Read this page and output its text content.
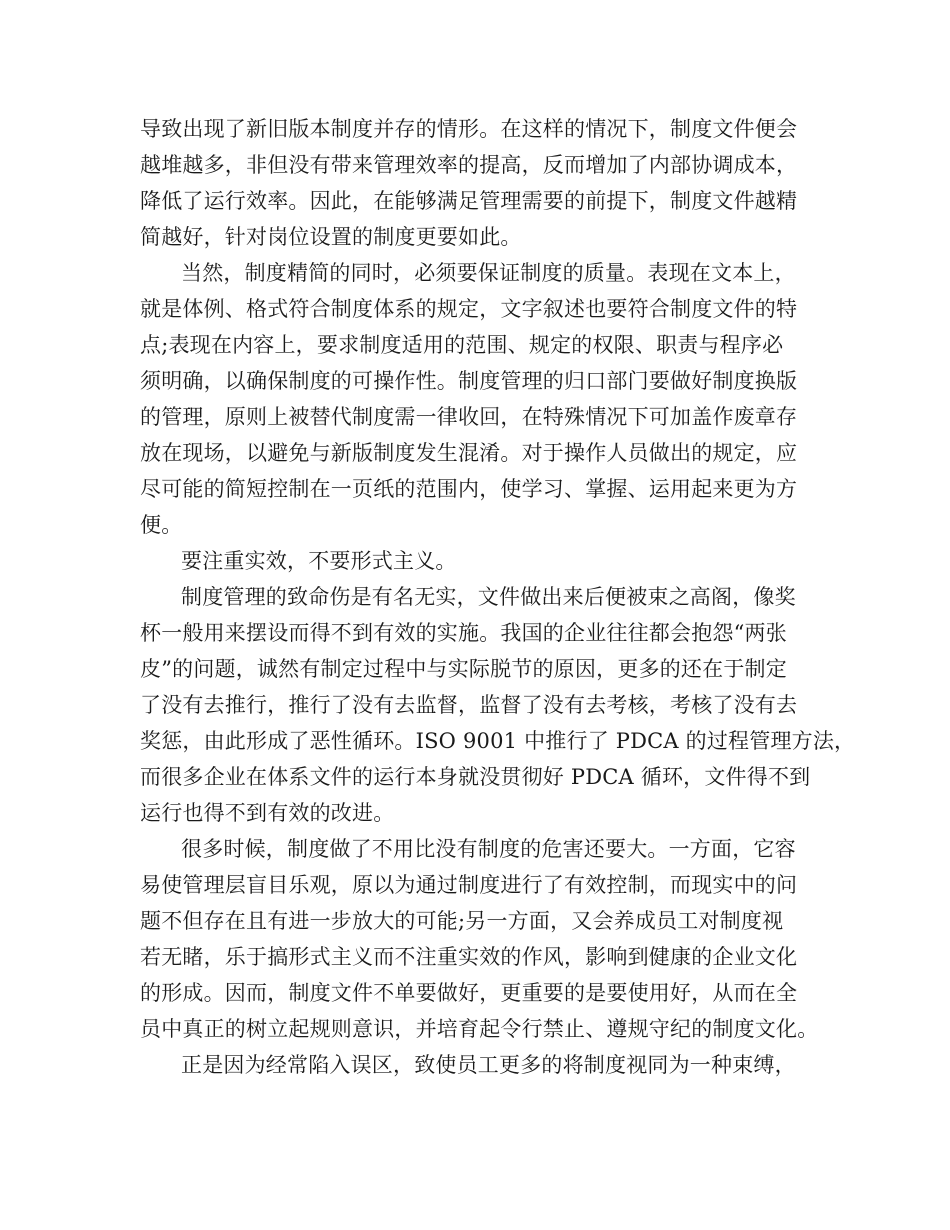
导致出现了新旧版本制度并存的情形。在这样的情况下，制度文件便会
越堆越多，非但没有带来管理效率的提高，反而增加了内部协调成本，
降低了运行效率。因此，在能够满足管理需要的前提下，制度文件越精
简越好，针对岗位设置的制度更要如此。
当然，制度精简的同时，必须要保证制度的质量。表现在文本上，
就是体例、格式符合制度体系的规定，文字叙述也要符合制度文件的特
点;表现在内容上，要求制度适用的范围、规定的权限、职责与程序必
须明确，以确保制度的可操作性。制度管理的归口部门要做好制度换版
的管理，原则上被替代制度需一律收回，在特殊情况下可加盖作废章存
放在现场，以避免与新版制度发生混淆。对于操作人员做出的规定，应
尽可能的简短控制在一页纸的范围内，使学习、掌握、运用起来更为方
便。
要注重实效，不要形式主义。
制度管理的致命伤是有名无实，文件做出来后便被束之高阁，像奖
杯一般用来摆设而得不到有效的实施。我国的企业往往都会抱怨“两张
皮”的问题，诚然有制定过程中与实际脱节的原因，更多的还在于制定
了没有去推行，推行了没有去监督，监督了没有去考核，考核了没有去
奖惩，由此形成了恶性循环。ISO 9001 中推行了 PDCA 的过程管理方法，
而很多企业在体系文件的运行本身就没贯彻好 PDCA 循环，文件得不到
运行也得不到有效的改进。
很多时候，制度做了不用比没有制度的危害还要大。一方面，它容
易使管理层盲目乐观，原以为通过制度进行了有效控制，而现实中的问
题不但存在且有进一步放大的可能;另一方面，又会养成员工对制度视
若无睹，乐于搞形式主义而不注重实效的作风，影响到健康的企业文化
的形成。因而，制度文件不单要做好，更重要的是要使用好，从而在全
员中真正的树立起规则意识，并培育起令行禁止、遵规守纪的制度文化。
正是因为经常陷入误区，致使员工更多的将制度视同为一种束缚，
